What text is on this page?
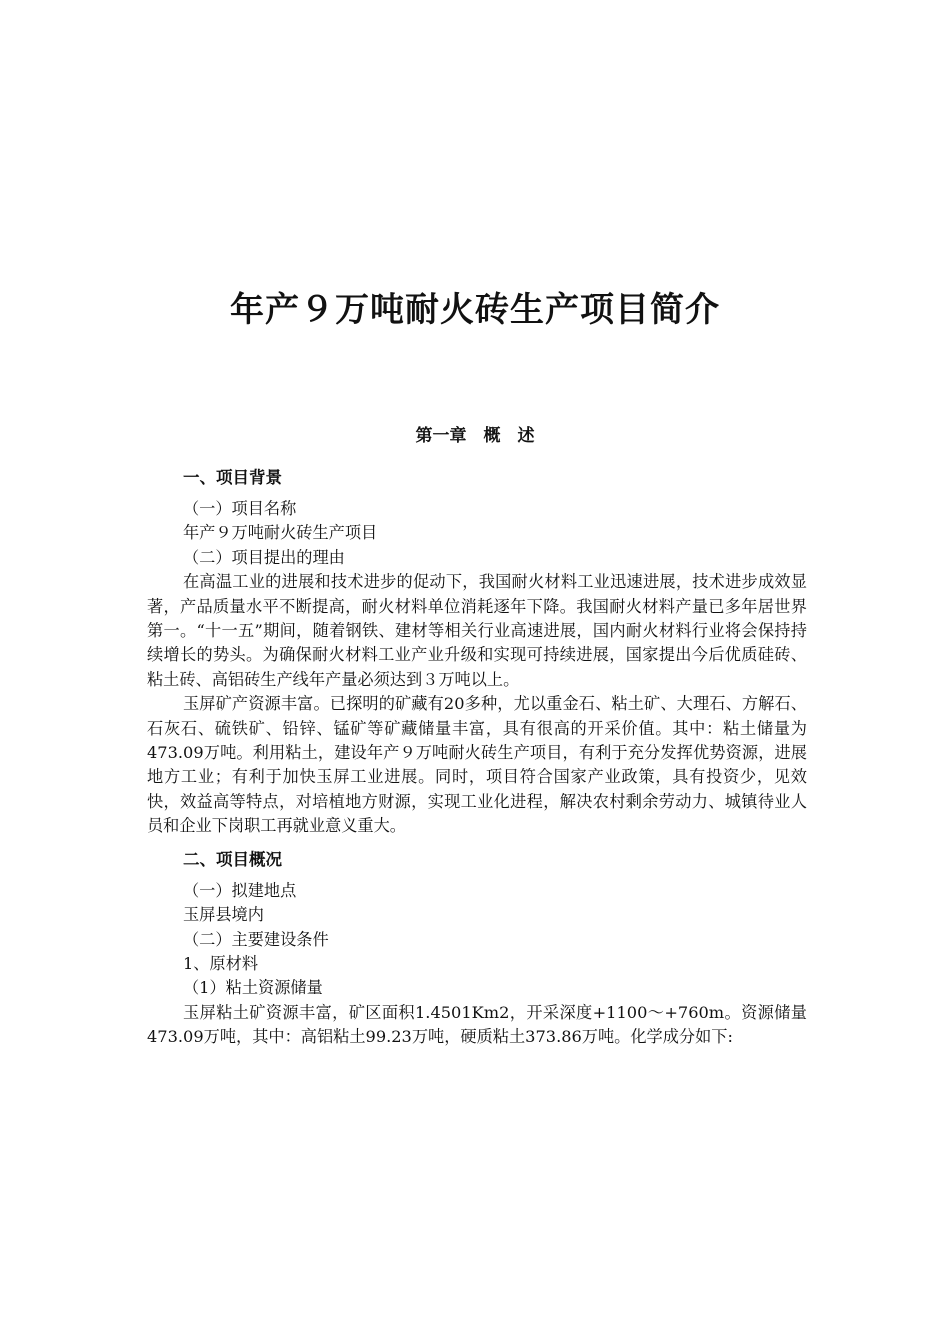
年产９万吨耐火砖生产项目简介
第一章　概　述
一、项目背景

（一）项目名称

年产９万吨耐火砖生产项目

（二）项目提出的理由

在高温工业的进展和技术进步的促动下，我国耐火材料工业迅速进展，技术进步成效显著，产品质量水平不断提高，耐火材料单位消耗逐年下降。我国耐火材料产量已多年居世界第一。“十一五”期间，随着钢铁、建材等相关行业高速进展，国内耐火材料行业将会保持持续增长的势头。为确保耐火材料工业产业升级和实现可持续进展，国家提出今后优质硅砖、粘土砖、高铝砖生产线年产量必须达到３万吨以上。

玉屏矿产资源丰富。已探明的矿藏有20多种，尤以重金石、粘土矿、大理石、方解石、石灰石、硫铁矿、铅锌、锰矿等矿藏储量丰富，具有很高的开采价值。其中：粘土储量为473.09万吨。利用粘土，建设年产９万吨耐火砖生产项目，有利于充分发挥优势资源，进展地方工业；有利于加快玉屏工业进展。同时，项目符合国家产业政策，具有投资少，见效快，效益高等特点，对培植地方财源，实现工业化进程，解决农村剩余劳动力、城镇待业人员和企业下岗职工再就业意义重大。

二、项目概况

（一）拟建地点

玉屏县境内

（二）主要建设条件

1、原材料

（1）粘土资源储量

玉屏粘土矿资源丰富，矿区面积1.4501Km2，开采深度+1100～+760m。资源储量473.09万吨，其中：高铝粘土99.23万吨，硬质粘土373.86万吨。化学成分如下:
